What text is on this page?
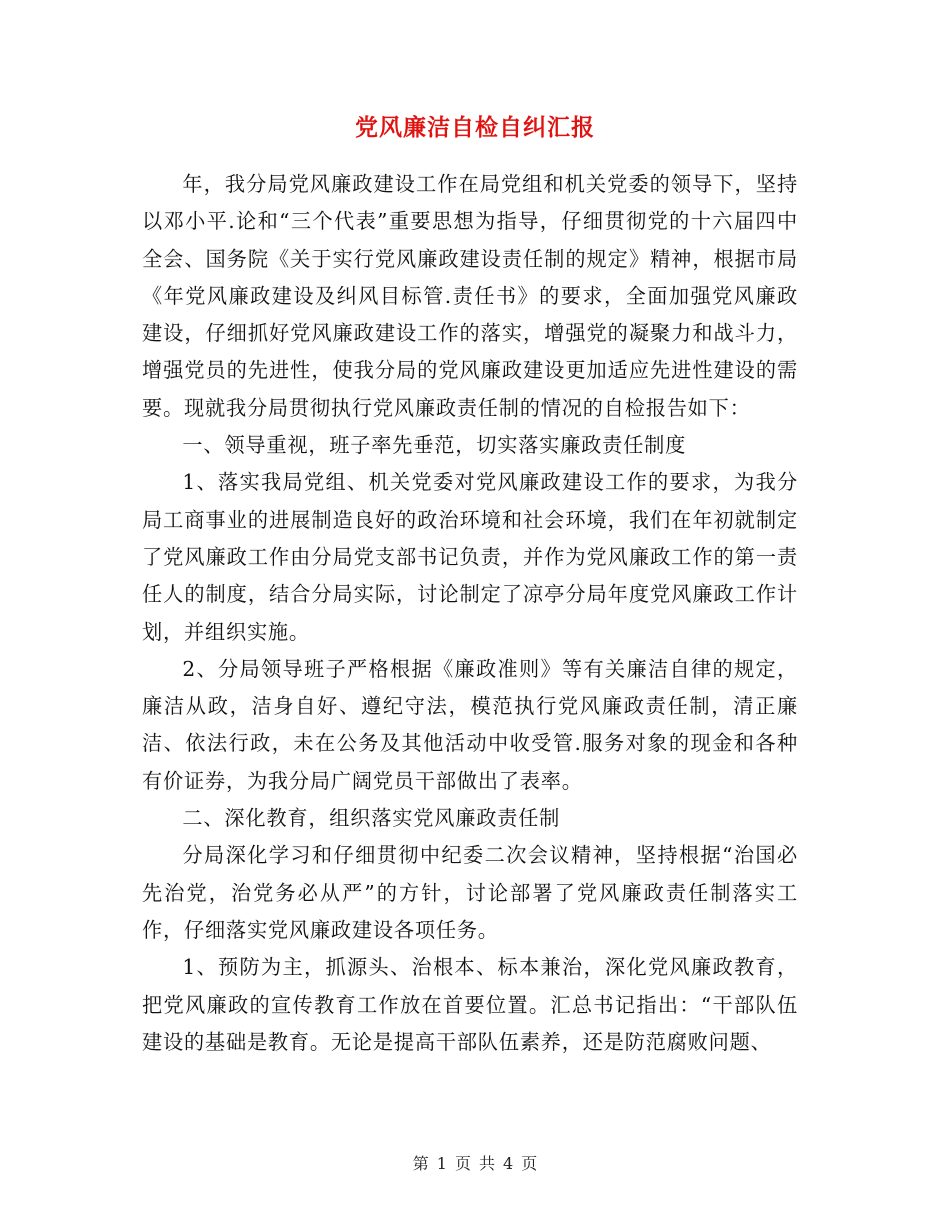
党风廉洁自检自纠汇报

年，我分局党风廉政建设工作在局党组和机关党委的领导下，坚持以邓小平.论和“三个代表”重要思想为指导，仔细贯彻党的十六届四中全会、国务院《关于实行党风廉政建设责任制的规定》精神，根据市局《年党风廉政建设及纠风目标管.责任书》的要求，全面加强党风廉政建设，仔细抓好党风廉政建设工作的落实，增强党的凝聚力和战斗力，增强党员的先进性，使我分局的党风廉政建设更加适应先进性建设的需要。现就我分局贯彻执行党风廉政责任制的情况的自检报告如下：

一、领导重视，班子率先垂范，切实落实廉政责任制度

1、落实我局党组、机关党委对党风廉政建设工作的要求，为我分局工商事业的进展制造良好的政治环境和社会环境，我们在年初就制定了党风廉政工作由分局党支部书记负责，并作为党风廉政工作的第一责任人的制度，结合分局实际，讨论制定了凉亭分局年度党风廉政工作计划，并组织实施。

2、分局领导班子严格根据《廉政准则》等有关廉洁自律的规定，廉洁从政，洁身自好、遵纪守法，模范执行党风廉政责任制，清正廉洁、依法行政，未在公务及其他活动中收受管.服务对象的现金和各种有价证券，为我分局广阔党员干部做出了表率。

二、深化教育，组织落实党风廉政责任制

分局深化学习和仔细贯彻中纪委二次会议精神，坚持根据“治国必先治党，治党务必从严”的方针，讨论部署了党风廉政责任制落实工作，仔细落实党风廉政建设各项任务。

1、预防为主，抓源头、治根本、标本兼治，深化党风廉政教育，把党风廉政的宣传教育工作放在首要位置。汇总书记指出：“干部队伍建设的基础是教育。无论是提高干部队伍素养，还是防范腐败问题、

第 1 页 共 4 页
